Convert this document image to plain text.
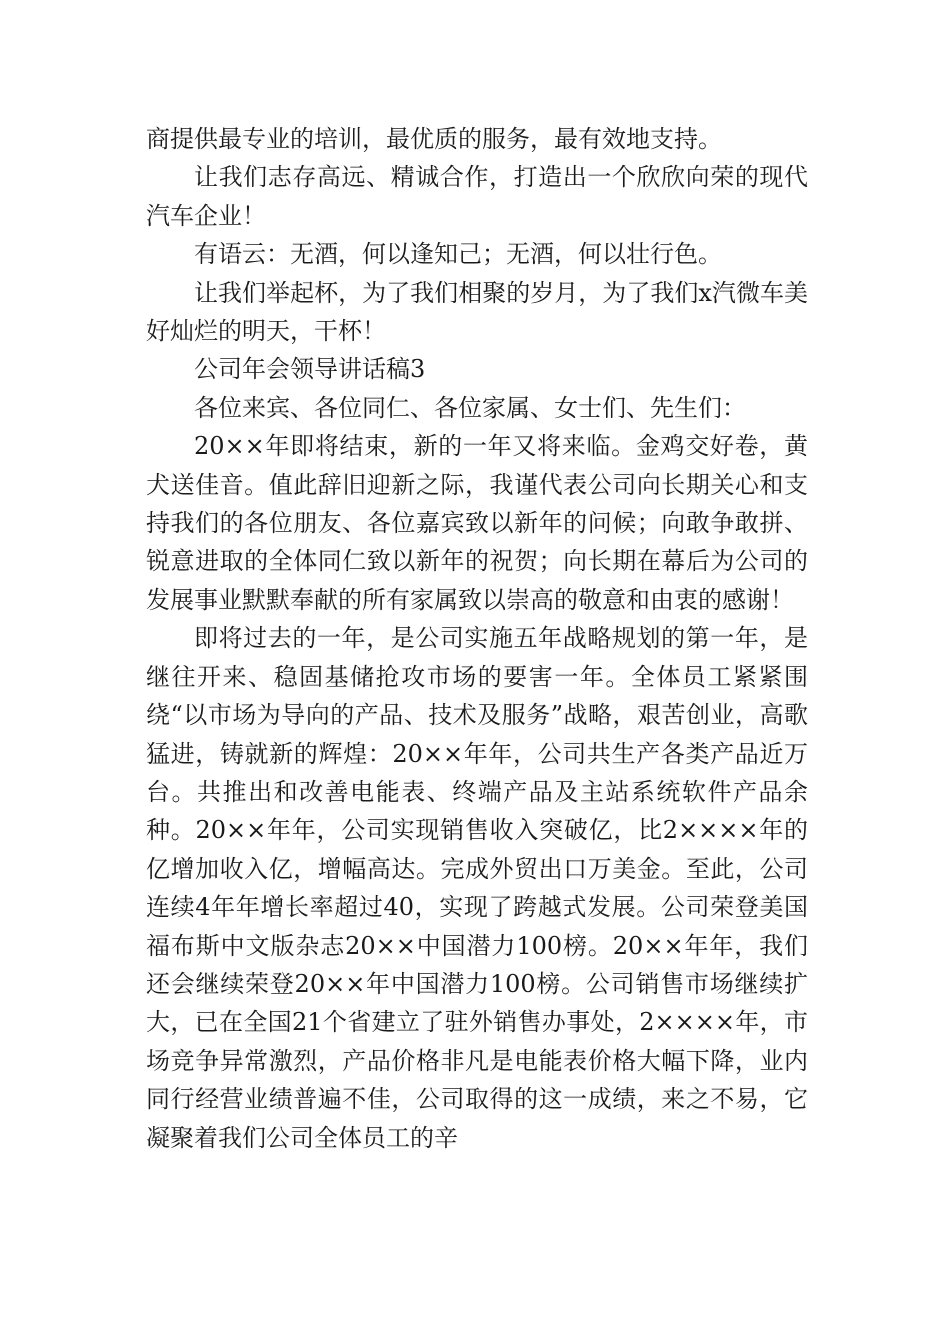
商提供最专业的培训，最优质的服务，最有效地支持。

让我们志存高远、精诚合作，打造出一个欣欣向荣的现代汽车企业！

有语云：无酒，何以逢知己；无酒，何以壮行色。

让我们举起杯，为了我们相聚的岁月，为了我们x汽微车美好灿烂的明天，干杯！

公司年会领导讲话稿3

各位来宾、各位同仁、各位家属、女士们、先生们：

20××年即将结束，新的一年又将来临。金鸡交好卷，黄犬送佳音。值此辞旧迎新之际，我谨代表公司向长期关心和支持我们的各位朋友、各位嘉宾致以新年的问候；向敢争敢拼、锐意进取的全体同仁致以新年的祝贺；向长期在幕后为公司的发展事业默默奉献的所有家属致以崇高的敬意和由衷的感谢！

即将过去的一年，是公司实施五年战略规划的第一年，是继往开来、稳固基储抢攻市场的要害一年。全体员工紧紧围绕“以市场为导向的产品、技术及服务”战略，艰苦创业，高歌猛进，铸就新的辉煌：20××年年，公司共生产各类产品近万台。共推出和改善电能表、终端产品及主站系统软件产品余种。20××年年，公司实现销售收入突破亿，比2××××年的亿增加收入亿，增幅高达。完成外贸出口万美金。至此，公司连续4年年增长率超过40，实现了跨越式发展。公司荣登美国福布斯中文版杂志20××中国潜力100榜。20××年年，我们还会继续荣登20××年中国潜力100榜。公司销售市场继续扩大，已在全国21个省建立了驻外销售办事处，2××××年，市场竞争异常激烈，产品价格非凡是电能表价格大幅下降，业内同行经营业绩普遍不佳，公司取得的这一成绩，来之不易，它凝聚着我们公司全体员工的辛
